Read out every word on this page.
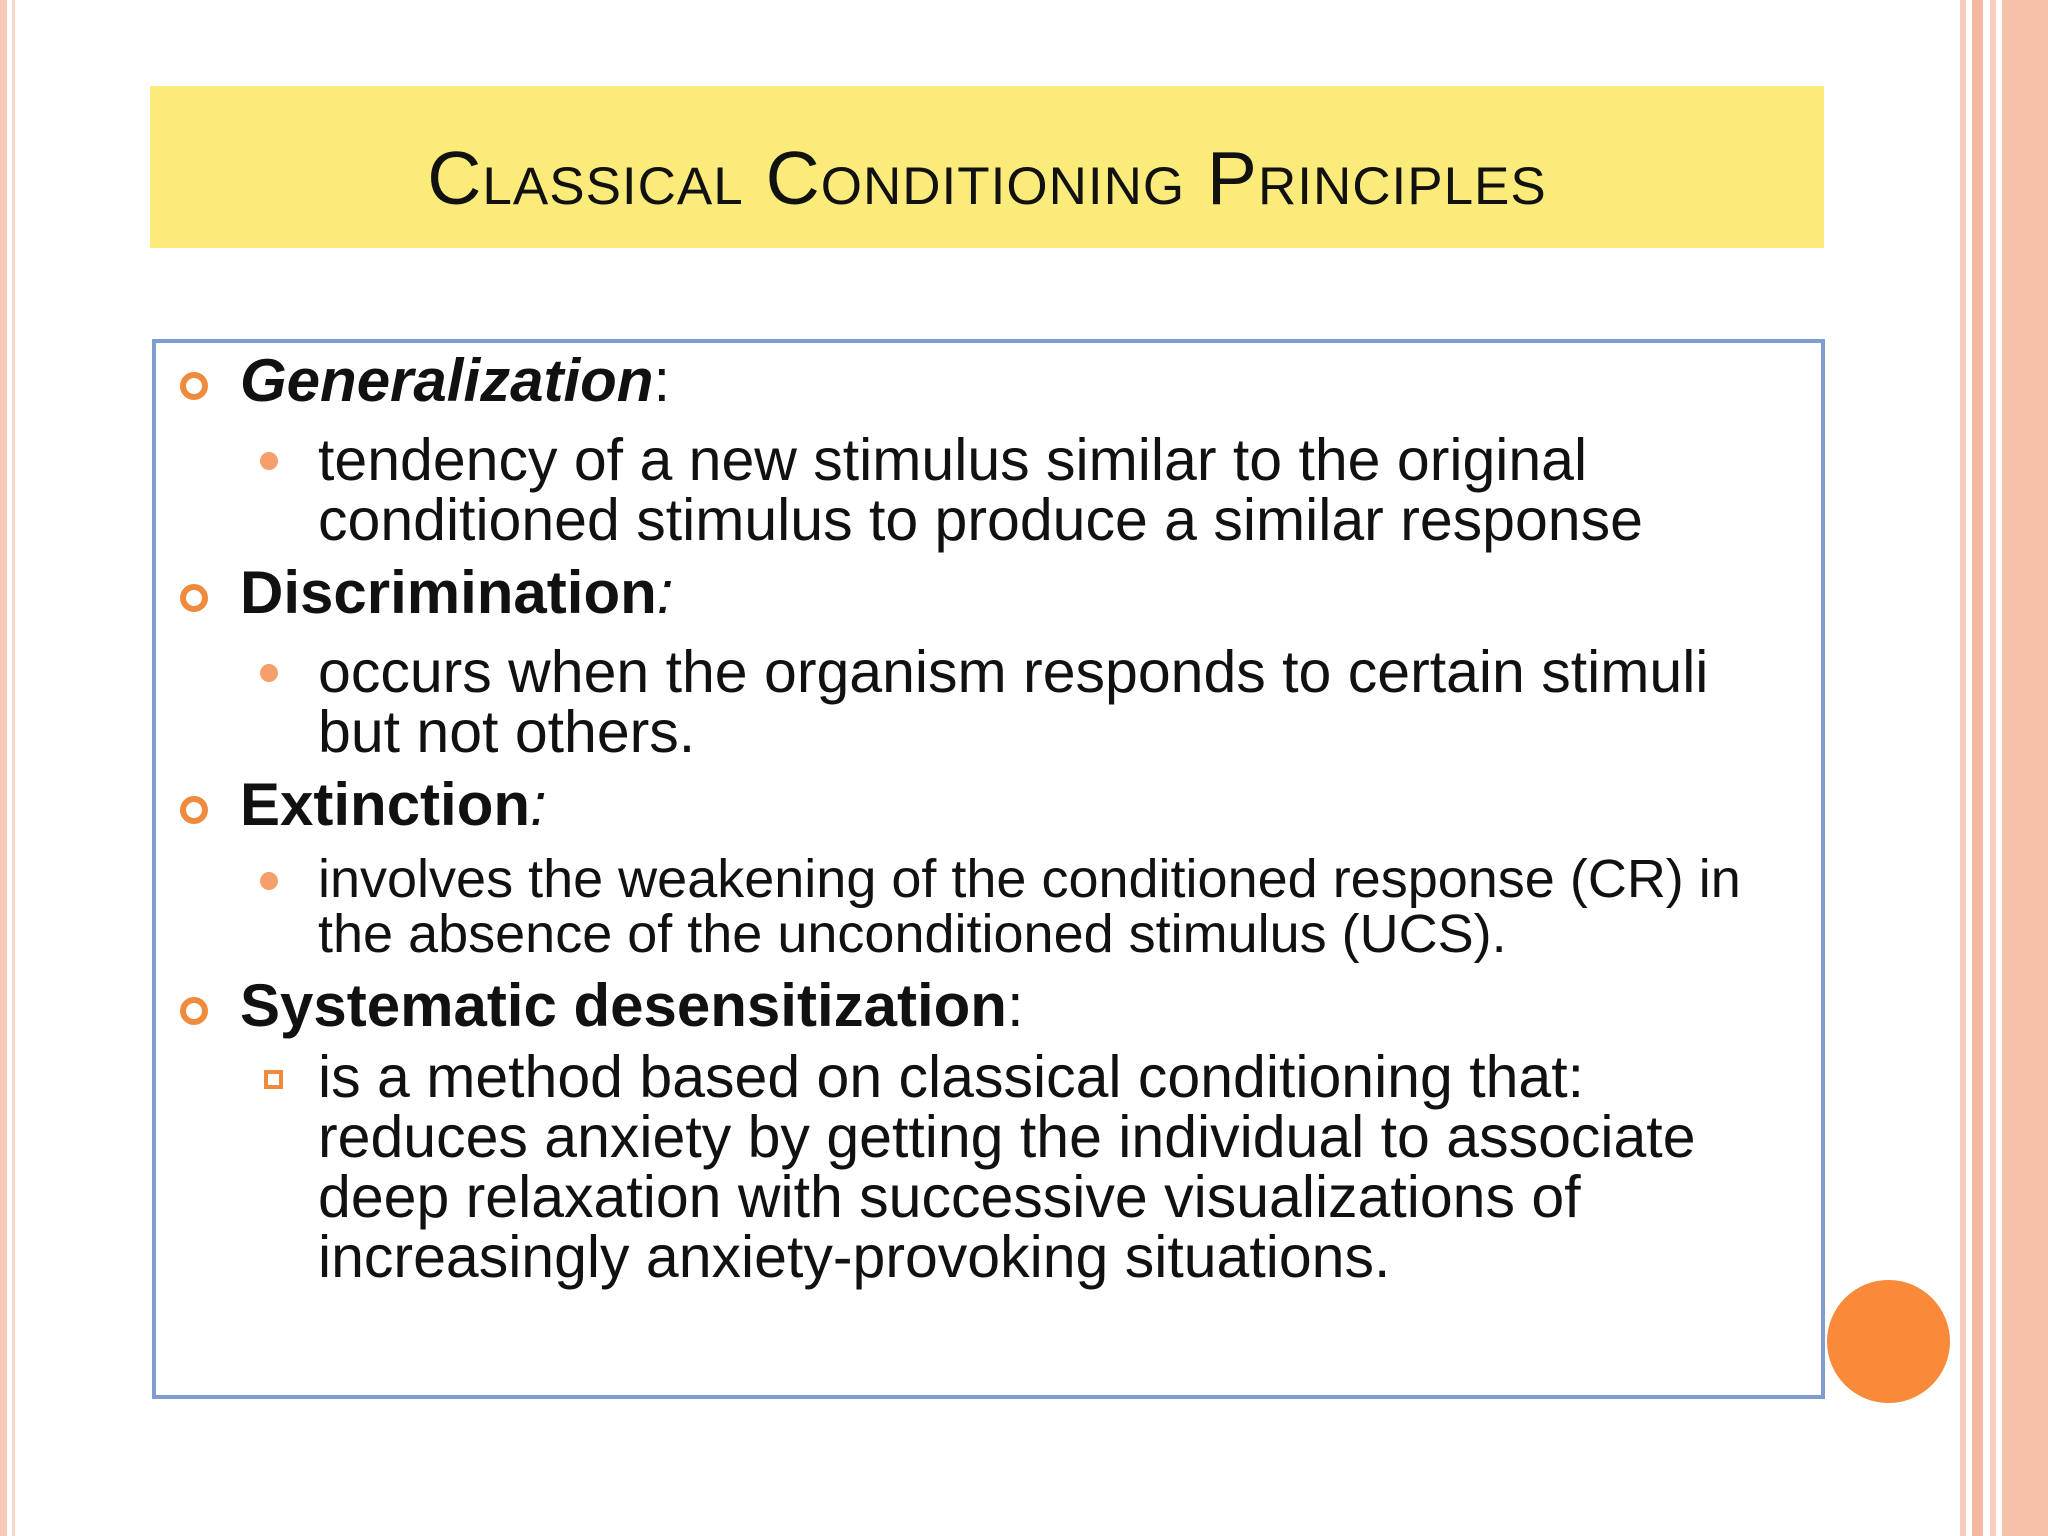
Classical Conditioning Principles
Generalization:
tendency of a new stimulus similar to the original conditioned stimulus to produce a similar response
Discrimination:
occurs when the organism responds to certain stimuli but not others.
Extinction:
involves the weakening of the conditioned response (CR) in the absence of the unconditioned stimulus (UCS).
Systematic desensitization:
is a method based on classical conditioning that: reduces anxiety by getting the individual to associate deep relaxation with successive visualizations of increasingly anxiety-provoking situations.
